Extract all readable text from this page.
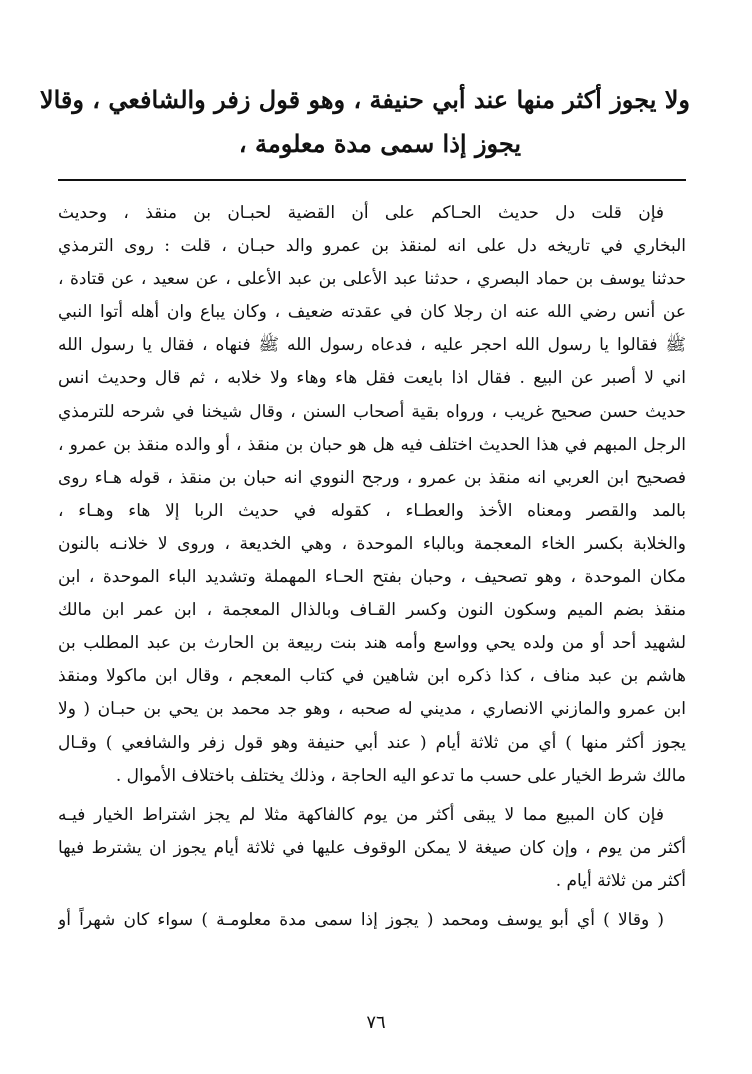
ولا يجوز أكثر منها عند أبي حنيفة ، وهو قول زفر والشافعي ، وقالا
يجوز إذا سمى مدة معلومة ،
فإن قلت دل حديث الحـاكم على أن القضية لحبـان بن منقذ ، وحديث
البخاري في تاريخه دل على انه لمنقذ بن عمرو والد حبـان ، قلت : روى الترمذي
حدثنا يوسف بن حماد البصري ، حدثنا عبد الأعلى بن عبد الأعلى ، عن سعيد ، عن قتادة ،
عن أنس رضي الله عنه ان رجلا كان في عقدته ضعيف ، وكان يباع وان أهله أتوا النبي
ﷺ فقالوا يا رسول الله احجر عليه ، فدعاه رسول الله ﷺ فنهاه ، فقال يا رسول الله
اني لا أصبر عن البيع . فقال اذا بايعت فقل هاء وهاء ولا خلابه ، ثم قال وحديث انس
حديث حسن صحيح غريب ، ورواه بقية أصحاب السنن ، وقال شيخنا في شرحه للترمذي
الرجل المبهم في هذا الحديث اختلف فيه هل هو حبان بن منقذ ، أو والده منقذ بن عمرو ،
فصحيح ابن العربي انه منقذ بن عمرو ، ورجح النووي انه حبان بن منقذ ، قوله هـاء روى
بالمد والقصر ومعناه الأخذ والعطـاء ، كقوله في حديث الربا إلا هاء وهـاء ،
والخلابة بكسر الخاء المعجمة وبالباء الموحدة ، وهي الخديعة ، وروى لا خلانـه بالنون
مكان الموحدة ، وهو تصحيف ، وحبان بفتح الحـاء المهملة وتشديد الباء الموحدة ، ابن
منقذ بضم الميم وسكون النون وكسر القـاف وبالذال المعجمة ، ابن عمر ابن مالك
لشهيد أحد أو من ولده يحي وواسع وأمه هند بنت ربيعة بن الحارث بن عبد المطلب بن
هاشم بن عبد مناف ، كذا ذكره ابن شاهين في كتاب المعجم ، وقال ابن ماكولا ومنقذ
ابن عمرو والمازني الانصاري ، مديني له صحبه ، وهو جد محمد بن يحي بن حبـان ( ولا
يجوز أكثر منها ) أي من ثلاثة أيام ( عند أبي حنيفة وهو قول زفر والشافعي ) وقـال
مالك شرط الخيار على حسب ما تدعو اليه الحاجة ، وذلك يختلف باختلاف الأموال .
فإن كان المبيع مما لا يبقى أكثر من يوم كالفاكهة مثلا لم يجز اشتراط الخيار فيـه
أكثر من يوم ، وإن كان صيغة لا يمكن الوقوف عليها في ثلاثة أيام يجوز ان يشترط فيها
أكثر من ثلاثة أيام .
( وقالا ) أي أبو يوسف ومحمد ( يجوز إذا سمى مدة معلومـة ) سواء كان شهراً أو
٧٦
